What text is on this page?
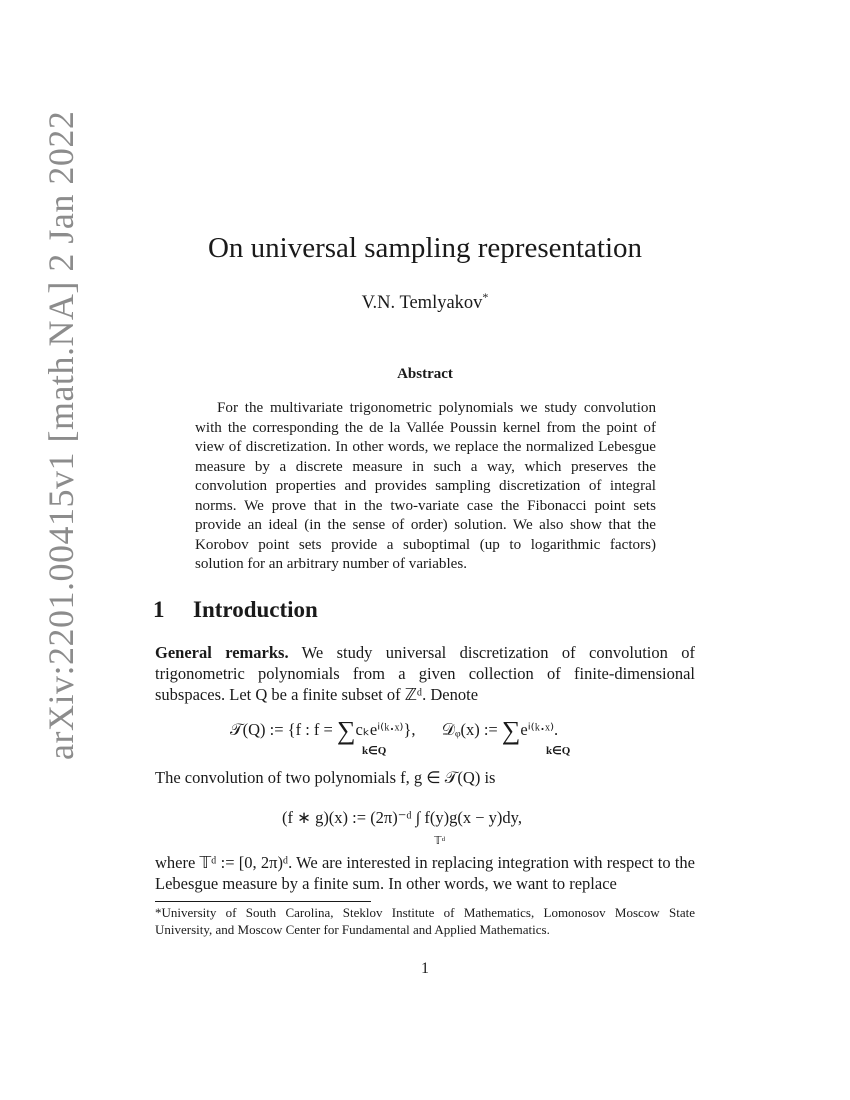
arXiv:2201.00415v1 [math.NA] 2 Jan 2022	On universal sampling representation
V.N. Temlyakov*
Abstract
For the multivariate trigonometric polynomials we study convolution with the corresponding the de la Vallée Poussin kernel from the point of view of discretization. In other words, we replace the normalized Lebesgue measure by a discrete measure in such a way, which preserves the convolution properties and provides sampling discretization of integral norms. We prove that in the two-variate case the Fibonacci point sets provide an ideal (in the sense of order) solution. We also show that the Korobov point sets provide a suboptimal (up to logarithmic factors) solution for an arbitrary number of variables.
1 Introduction
General remarks. We study universal discretization of convolution of trigonometric polynomials from a given collection of finite-dimensional subspaces. Let Q be a finite subset of ℤᵈ. Denote
𝒯(Q) := {f : f = ∑cₖeⁱ⁽ᵏ‧ˣ⁾}, 𝒟ᵩ(x) := ∑eⁱ⁽ᵏ‧ˣ⁾.
k∈Q	k∈Q
The convolution of two polynomials f, g ∈ 𝒯(Q) is
(f ∗ g)(x) := (2π)⁻ᵈ ∫ f(y)g(x − y)dy,
𝕋ᵈ
where 𝕋ᵈ := [0, 2π)ᵈ. We are interested in replacing integration with respect to the Lebesgue measure by a finite sum. In other words, we want to replace
*University of South Carolina, Steklov Institute of Mathematics, Lomonosov Moscow State University, and Moscow Center for Fundamental and Applied Mathematics.
1
